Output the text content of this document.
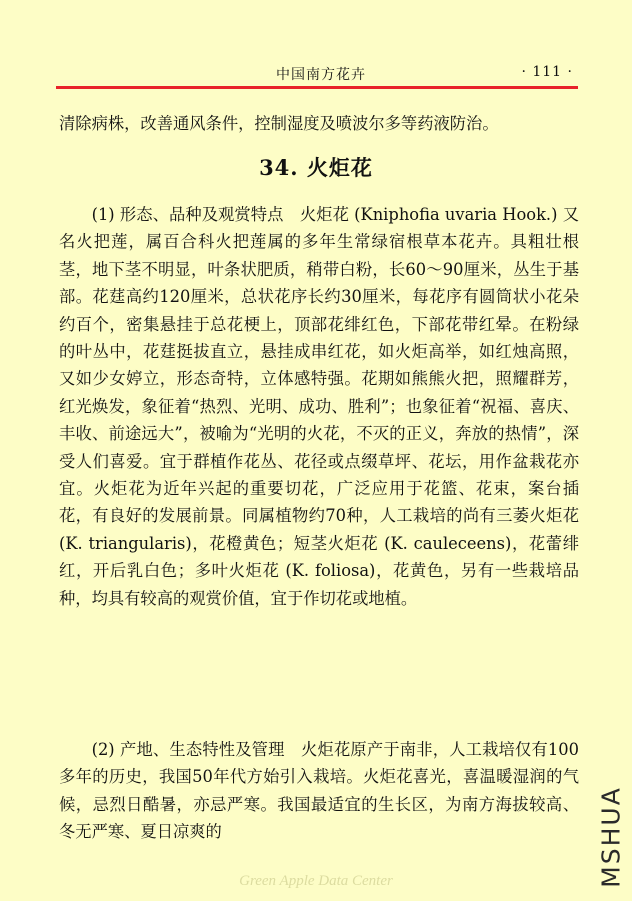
中国南方花卉	· 111 ·
清除病株，改善通风条件，控制湿度及喷波尔多等药液防治。
34. 火炬花
(1) 形态、品种及观赏特点　火炬花 (Kniphofia uvaria Hook.) 又名火把莲，属百合科火把莲属的多年生常绿宿根草本花卉。具粗壮根茎，地下茎不明显，叶条状肥质，稍带白粉，长60～90厘米，丛生于基部。花莛高约120厘米，总状花序长约30厘米，每花序有圆筒状小花朵约百个，密集悬挂于总花梗上，顶部花绯红色，下部花带红晕。在粉绿的叶丛中，花莛挺拔直立，悬挂成串红花，如火炬高举，如红烛高照，又如少女婷立，形态奇特，立体感特强。花期如熊熊火把，照耀群芳，红光焕发，象征着“热烈、光明、成功、胜利”；也象征着“祝福、喜庆、丰收、前途远大”，被喻为“光明的火花，不灭的正义，奔放的热情”，深受人们喜爱。宜于群植作花丛、花径或点缀草坪、花坛，用作盆栽花亦宜。火炬花为近年兴起的重要切花，广泛应用于花篮、花束，案台插花，有良好的发展前景。同属植物约70种，人工栽培的尚有三萎火炬花 (K. triangularis)，花橙黄色；短茎火炬花 (K. cauleceens)，花蕾绯红，开后乳白色；多叶火炬花 (K. foliosa)，花黄色，另有一些栽培品种，均具有较高的观赏价值，宜于作切花或地植。
(2) 产地、生态特性及管理　火炬花原产于南非，人工栽培仅有100多年的历史，我国50年代方始引入栽培。火炬花喜光，喜温暖湿润的气候，忌烈日酷暑，亦忌严寒。我国最适宜的生长区，为南方海拔较高、冬无严寒、夏日凉爽的	MSHUA
Green Apple Data Center
